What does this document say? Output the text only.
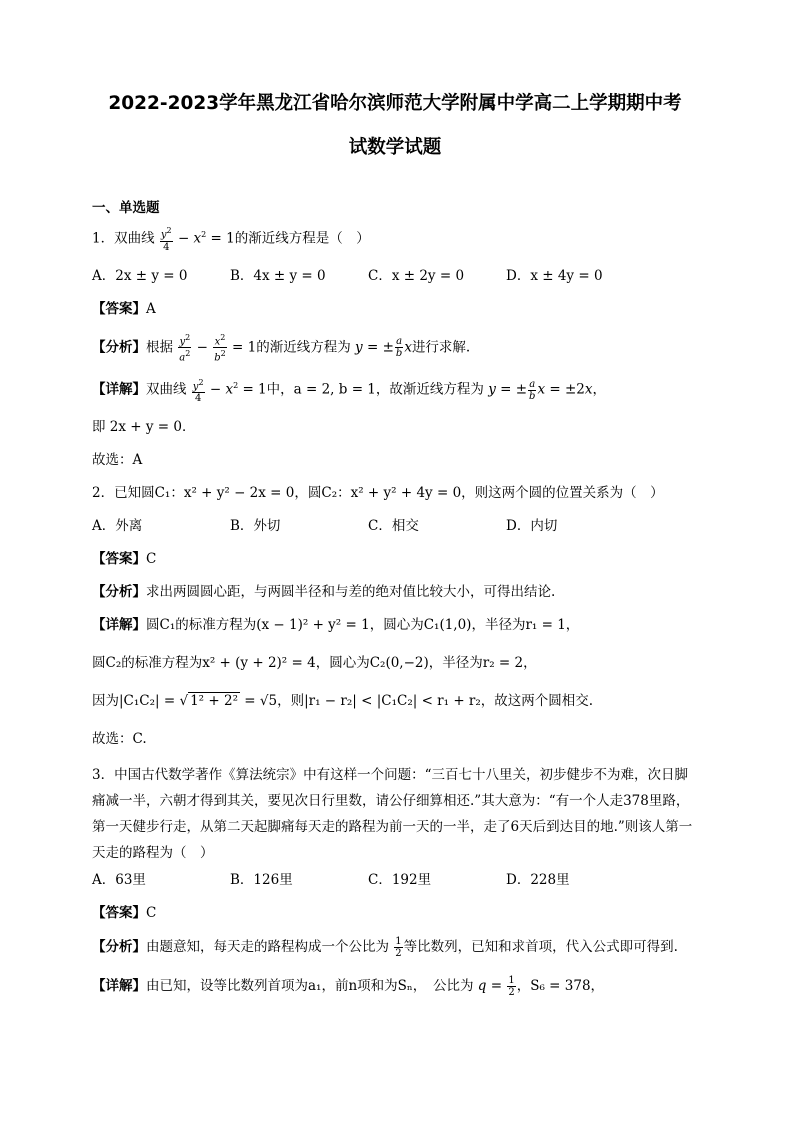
2022-2023学年黑龙江省哈尔滨师范大学附属中学高二上学期期中考
试数学试题
一、单选题
1．双曲线 $\frac{y^2}{4} - x^2 = 1$的渐近线方程是（　）
A．2x ± y = 0	B．4x ± y = 0	C．x ± 2y = 0	D．x ± 4y = 0
【答案】A
【分析】根据 $\frac{y^2}{a^2} - \frac{x^2}{b^2} = 1$的渐近线方程为 y = ± $\frac{a}{b}$ x进行求解.
【详解】双曲线 $\frac{y^2}{4} - x^2 = 1$中，a = 2, b = 1，故渐近线方程为 y = ± $\frac{a}{b}$ x = ±2x，
即 2x + y = 0．
故选：A
2．已知圆C₁：x² + y² − 2x = 0，圆C₂：x² + y² + 4y = 0，则这两个圆的位置关系为（　）
A．外离	B．外切	C．相交	D．内切
【答案】C
【分析】求出两圆圆心距，与两圆半径和与差的绝对值比较大小，可得出结论.
【详解】圆C₁的标准方程为(x − 1)² + y² = 1，圆心为C₁(1,0)，半径为r₁ = 1，
圆C₂的标准方程为x² + (y + 2)² = 4，圆心为C₂(0,−2)，半径为r₂ = 2，
因为|C₁C₂| = √ 1² + 2² = √5，则|r₁ − r₂| < |C₁C₂| < r₁ + r₂，故这两个圆相交.
故选：C.
3．中国古代数学著作《算法统宗》中有这样一个问题：“三百七十八里关，初步健步不为难，次日脚痛减一半，六朝才得到其关，要见次日行里数，请公仔细算相还.”其大意为：“有一个人走378里路，第一天健步行走，从第二天起脚痛每天走的路程为前一天的一半，走了6天后到达目的地.”则该人第一天走的路程为（　）
A．63里	B．126里	C．192里	D．228里
【答案】C
【分析】由题意知，每天走的路程构成一个公比为 $\frac{1}{2}$ 等比数列，已知和求首项，代入公式即可得到.
【详解】由已知，设等比数列首项为a₁，前n项和为Sₙ，　公比为 $q = \frac{1}{2}$ ，S₆ = 378，
